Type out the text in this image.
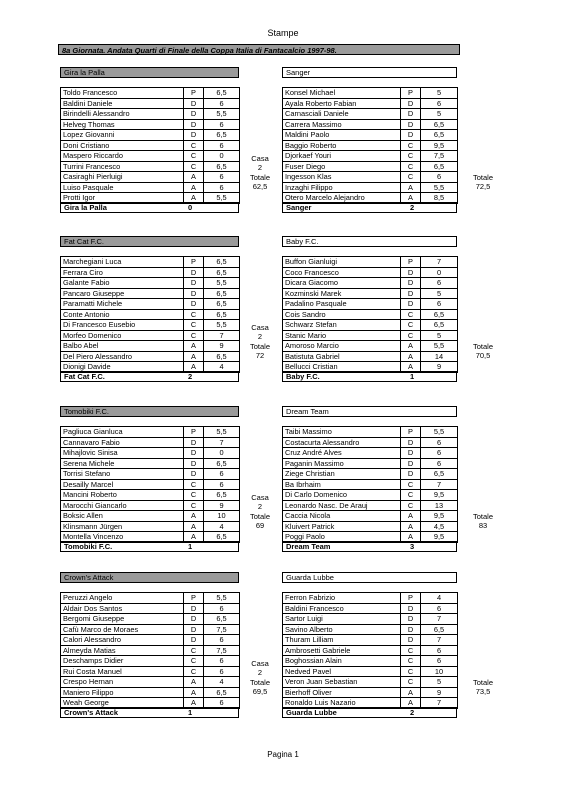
Stampe
8a Giornata. Andata Quarti di Finale della Coppa Italia di Fantacalcio 1997-98.
Gira la Palla	Sanger
Toldo Francesco	P	6,5
Baldini Daniele	D	6
Birindelli Alessandro	D	5,5
Helveg Thomas	D	6
Lopez Giovanni	D	6,5
Doni Cristiano	C	6
Maspero Riccardo	C	0
Turrini Francesco	C	6,5
Casiraghi Pierluigi	A	6
Luiso Pasquale	A	6
Protti Igor	A	5,5
Konsel Michael	P	5
Ayala Roberto Fabian	D	6
Carnasciali Daniele	D	5
Carrera Massimo	D	6,5
Maldini Paolo	D	6,5
Baggio Roberto	C	9,5
Djorkaef Youri	C	7,5
Fuser Diego	C	6,5
Ingesson Klas	C	6
Inzaghi Filippo	A	5,5
Otero Marcelo Alejandro	A	8,5
Casa
2
Totale
62,5
Totale
72,5
Gira la Palla	0	Sanger	2
Fat Cat F.C.	Baby F.C.
Marchegiani Luca	P	6,5
Ferrara Ciro	D	6,5
Galante Fabio	D	5,5
Pancaro Giuseppe	D	6,5
Paramatti Michele	D	6,5
Conte Antonio	C	6,5
Di Francesco Eusebio	C	5,5
Morfeo Domenico	C	7
Balbo Abel	A	9
Del Piero Alessandro	A	6,5
Dionigi Davide	A	4
Buffon Gianluigi	P	7
Coco Francesco	D	0
Dicara Giacomo	D	6
Kozminski Marek	D	5
Padalino Pasquale	D	6
Cois Sandro	C	6,5
Schwarz Stefan	C	6,5
Stanic Mario	C	5
Amoroso Marcio	A	5,5
Batistuta Gabriel	A	14
Bellucci Cristian	A	9
Casa
2
Totale
72
Totale
70,5
Fat Cat F.C.	2	Baby F.C.	1
Tomobiki F.C.	Dream Team
Pagliuca Gianluca	P	5,5
Cannavaro Fabio	D	7
Mihajlovic Sinisa	D	0
Serena Michele	D	6,5
Torrisi Stefano	D	6
Desailly Marcel	C	6
Mancini Roberto	C	6,5
Marocchi Giancarlo	C	9
Boksic Allen	A	10
Klinsmann Jürgen	A	4
Montella Vincenzo	A	6,5
Taibi Massimo	P	5,5
Costacurta Alessandro	D	6
Cruz André Alves	D	6
Paganin Massimo	D	6
Ziege Christian	D	6,5
Ba Ibrhaim	C	7
Di Carlo Domenico	C	9,5
Leonardo Nasc. De Arauj	C	13
Caccia Nicola	A	9,5
Kluivert Patrick	A	4,5
Poggi Paolo	A	9,5
Casa
2
Totale
69
Totale
83
Tomobiki F.C.	1	Dream Team	3
Crown's Attack	Guarda Lubbe
Peruzzi Angelo	P	5,5
Aldair Dos Santos	D	6
Bergomi Giuseppe	D	6,5
Cafù Marco de Moraes	D	7,5
Calori Alessandro	D	6
Almeyda Matias	C	7,5
Deschamps Didier	C	6
Rui Costa Manuel	C	6
Crespo Hernan	A	4
Maniero Filippo	A	6,5
Weah George	A	6
Ferron Fabrizio	P	4
Baldini Francesco	D	6
Sartor Luigi	D	7
Savino Alberto	D	6,5
Thuram Lilliam	D	7
Ambrosetti Gabriele	C	6
Boghossian Alain	C	6
Nedved Pavel	C	10
Veron Juan Sebastian	C	5
Bierhoff Oliver	A	9
Ronaldo Luis Nazario	A	7
Casa
2
Totale
69,5
Totale
73,5
Crown's Attack	1	Guarda Lubbe	2
Pagina 1
